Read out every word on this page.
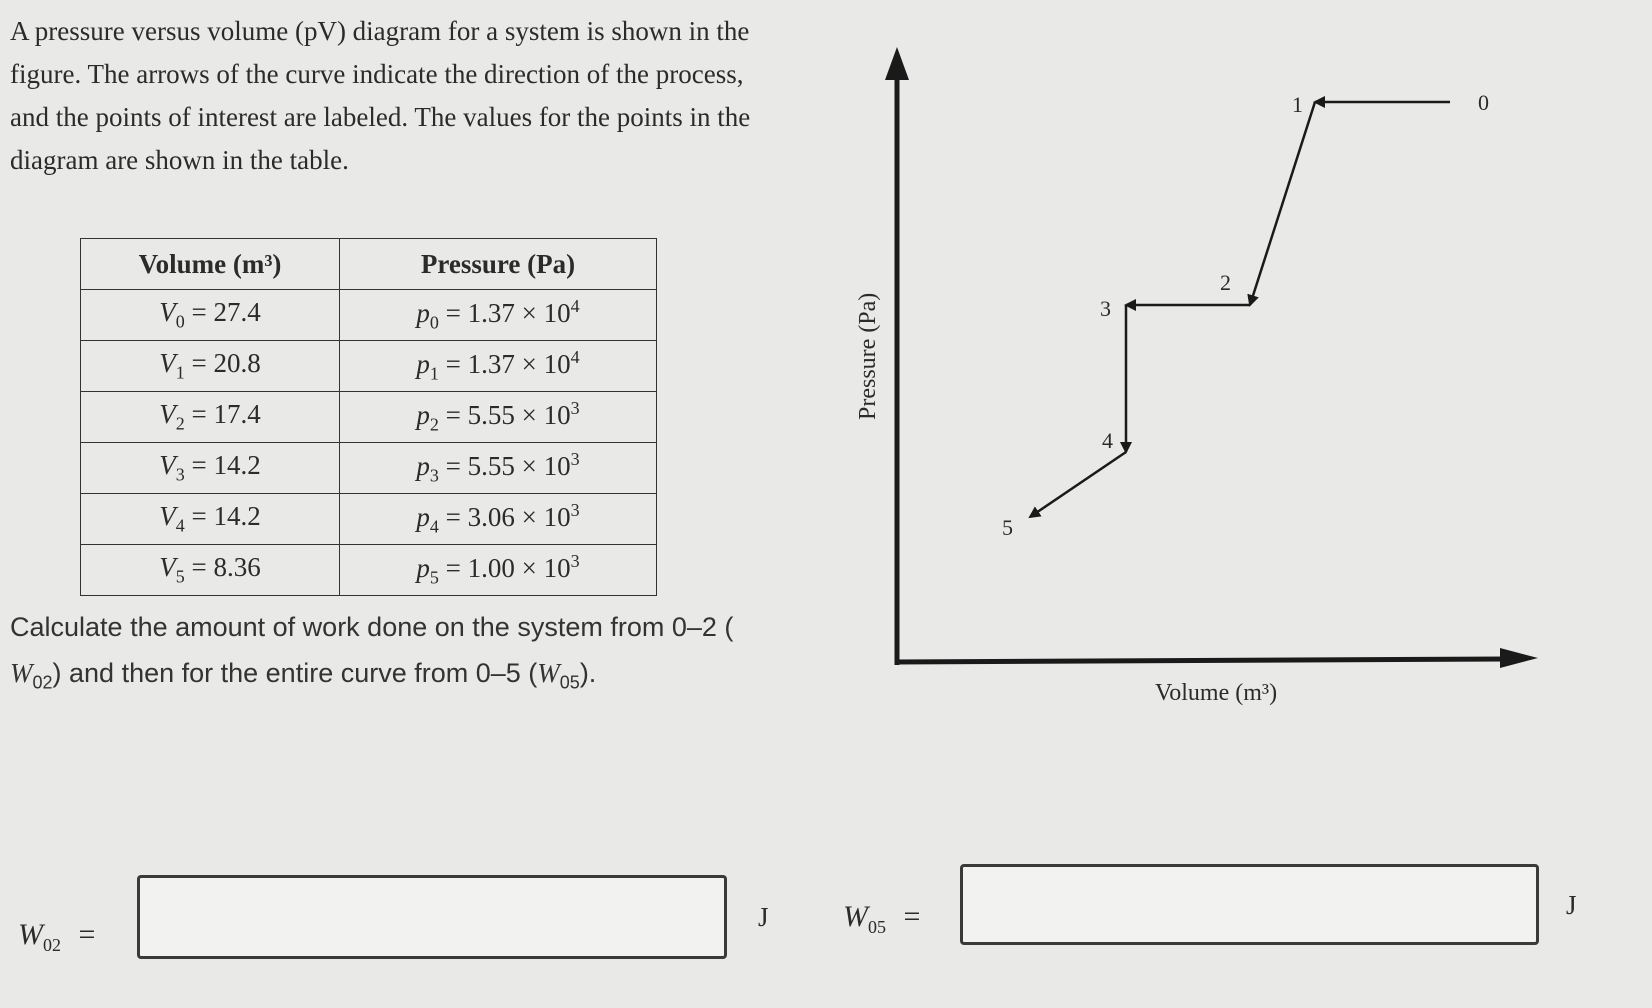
A pressure versus volume (pV) diagram for a system is shown in the figure. The arrows of the curve indicate the direction of the process, and the points of interest are labeled. The values for the points in the diagram are shown in the table.
Volume (m³)	Pressure (Pa)
$V_0 = 27.4$	$p_0 = 1.37 \times 10^4$
$V_1 = 20.8$	$p_1 = 1.37 \times 10^4$
$V_2 = 17.4$	$p_2 = 5.55 \times 10^3$
$V_3 = 14.2$	$p_3 = 5.55 \times 10^3$
$V_4 = 14.2$	$p_4 = 3.06 \times 10^3$
$V_5 = 8.36$	$p_5 = 1.00 \times 10^3$
Calculate the amount of work done on the system from 0–2 (
$W_{02}$) and then for the entire curve from 0–5 $(W_{05})$.
0
1
2
3
4
5
Pressure (Pa)
Volume (m³)
$W_{02}$ =
J $W_{05}$ =	J
